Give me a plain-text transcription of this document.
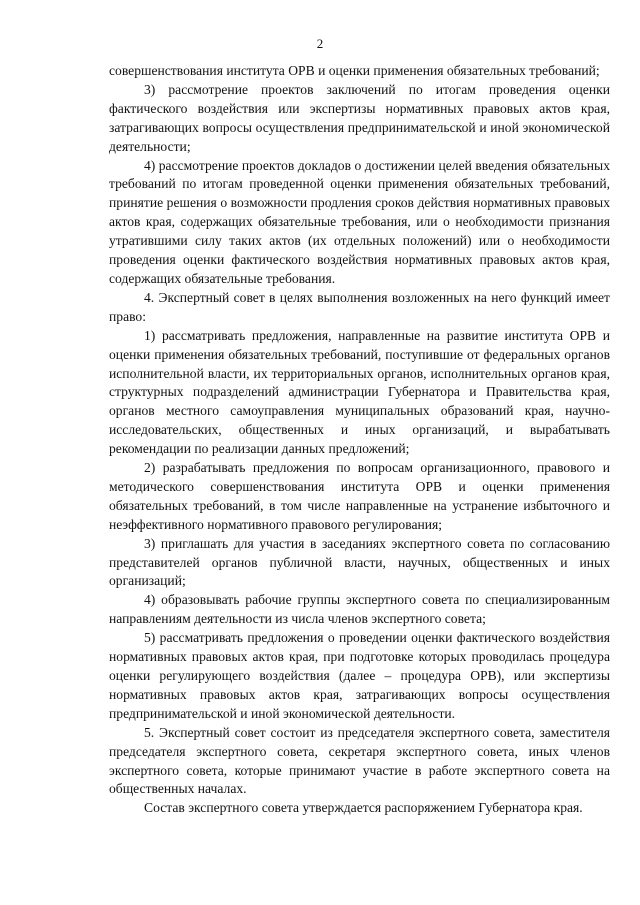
2

совершенствования института ОРВ и оценки применения обязательных требований;

3) рассмотрение проектов заключений по итогам проведения оценки фактического воздействия или экспертизы нормативных правовых актов края, затрагивающих вопросы осуществления предпринимательской и иной экономической деятельности;

4) рассмотрение проектов докладов о достижении целей введения обязательных требований по итогам проведенной оценки применения обязательных требований, принятие решения о возможности продления сроков действия нормативных правовых актов края, содержащих обязательные требования, или о необходимости признания утратившими силу таких актов (их отдельных положений) или о необходимости проведения оценки фактического воздействия нормативных правовых актов края, содержащих обязательные требования.

4. Экспертный совет в целях выполнения возложенных на него функций имеет право:

1) рассматривать предложения, направленные на развитие института ОРВ и оценки применения обязательных требований, поступившие от федеральных органов исполнительной власти, их территориальных органов, исполнительных органов края, структурных подразделений администрации Губернатора и Правительства края, органов местного самоуправления муниципальных образований края, научно-исследовательских, общественных и иных организаций, и вырабатывать рекомендации по реализации данных предложений;

2) разрабатывать предложения по вопросам организационного, правового и методического совершенствования института ОРВ и оценки применения обязательных требований, в том числе направленные на устранение избыточного и неэффективного нормативного правового регулирования;

3) приглашать для участия в заседаниях экспертного совета по согласованию представителей органов публичной власти, научных, общественных и иных организаций;

4) образовывать рабочие группы экспертного совета по специализированным направлениям деятельности из числа членов экспертного совета;

5) рассматривать предложения о проведении оценки фактического воздействия нормативных правовых актов края, при подготовке которых проводилась процедура оценки регулирующего воздействия (далее – процедура ОРВ), или экспертизы нормативных правовых актов края, затрагивающих вопросы осуществления предпринимательской и иной экономической деятельности.

5. Экспертный совет состоит из председателя экспертного совета, заместителя председателя экспертного совета, секретаря экспертного совета, иных членов экспертного совета, которые принимают участие в работе экспертного совета на общественных началах.

Состав экспертного совета утверждается распоряжением Губернатора края.
